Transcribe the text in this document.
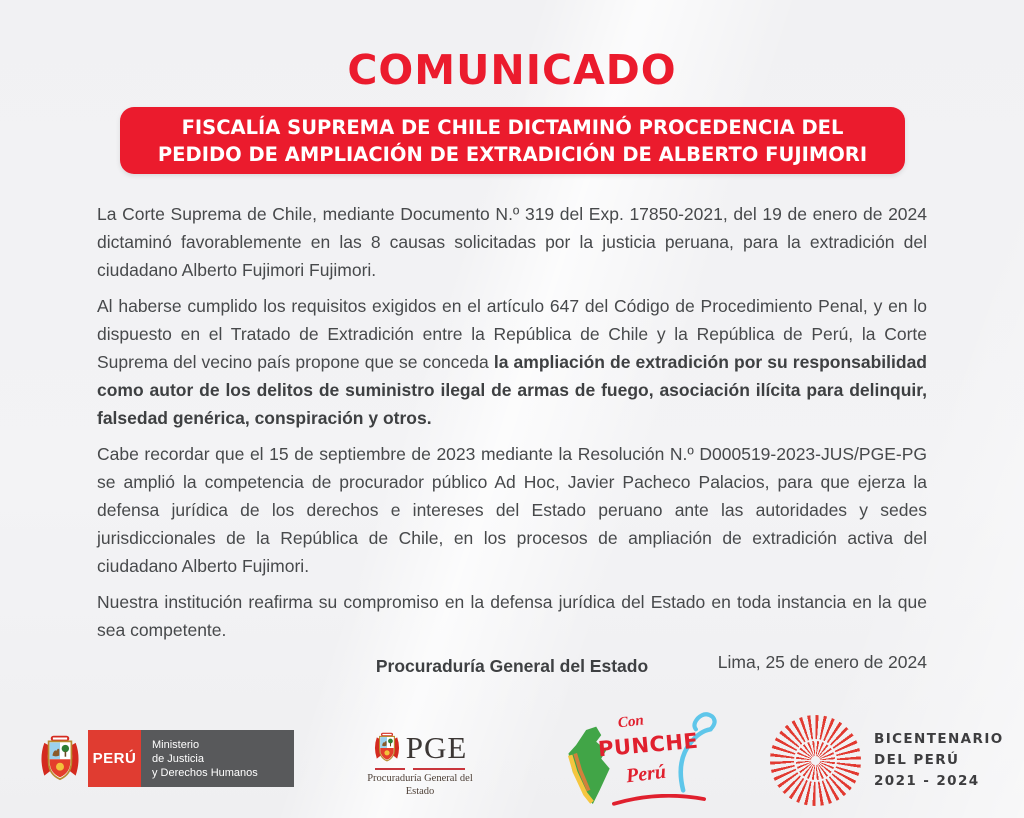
COMUNICADO
FISCALÍA SUPREMA DE CHILE DICTAMINÓ PROCEDENCIA DEL
PEDIDO DE AMPLIACIÓN DE EXTRADICIÓN DE ALBERTO FUJIMORI

La Corte Suprema de Chile, mediante Documento N.º 319 del Exp. 17850-2021, del 19 de enero de 2024 dictaminó favorablemente en las 8 causas solicitadas por la justicia peruana, para la extradición del ciudadano Alberto Fujimori Fujimori.

Al haberse cumplido los requisitos exigidos en el artículo 647 del Código de Procedimiento Penal, y en lo dispuesto en el Tratado de Extradición entre la República de Chile y la República de Perú, la Corte Suprema del vecino país propone que se conceda la ampliación de extradición por su responsabilidad como autor de los delitos de suministro ilegal de armas de fuego, asociación ilícita para delinquir, falsedad genérica, conspiración y otros.

Cabe recordar que el 15 de septiembre de 2023 mediante la Resolución N.º D000519-2023-JUS/PGE-PG se amplió la competencia de procurador público Ad Hoc, Javier Pacheco Palacios, para que ejerza la defensa jurídica de los derechos e intereses del Estado peruano ante las autoridades y sedes jurisdiccionales de la República de Chile, en los procesos de ampliación de extradición activa del ciudadano Alberto Fujimori.

Nuestra institución reafirma su compromiso en la defensa jurídica del Estado en toda instancia en la que sea competente.

Lima, 25 de enero de 2024
Procuraduría General del Estado
PERÚ
Ministerio
de Justicia
y Derechos Humanos
PGE
Procuraduría General del
Estado
Con
PUNCHE
Perú
BICENTENARIO
DEL PERÚ
2021 - 2024
